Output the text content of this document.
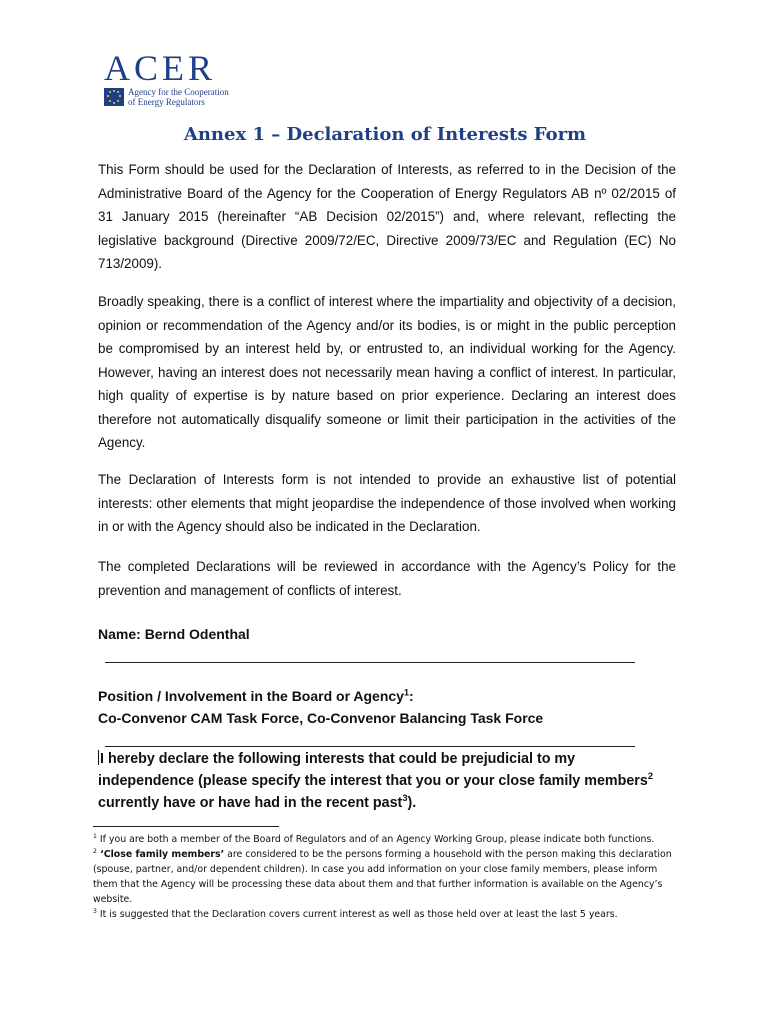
ACER
Agency for the Cooperation
of Energy Regulators
Annex 1 – Declaration of Interests Form

This Form should be used for the Declaration of Interests, as referred to in the Decision of the Administrative Board of the Agency for the Cooperation of Energy Regulators AB nº 02/2015 of 31 January 2015 (hereinafter “AB Decision 02/2015”) and, where relevant, reflecting the legislative background (Directive 2009/72/EC, Directive 2009/73/EC and Regulation (EC) No 713/2009).

Broadly speaking, there is a conflict of interest where the impartiality and objectivity of a decision, opinion or recommendation of the Agency and/or its bodies, is or might in the public perception be compromised by an interest held by, or entrusted to, an individual working for the Agency. However, having an interest does not necessarily mean having a conflict of interest. In particular, high quality of expertise is by nature based on prior experience. Declaring an interest does therefore not automatically disqualify someone or limit their participation in the activities of the Agency.

The Declaration of Interests form is not intended to provide an exhaustive list of potential interests: other elements that might jeopardise the independence of those involved when working in or with the Agency should also be indicated in the Declaration.

The completed Declarations will be reviewed in accordance with the Agency’s Policy for the prevention and management of conflicts of interest.

Name: Bernd Odenthal

Position / Involvement in the Board or Agency$^1$:

Co-Convenor CAM Task Force, Co-Convenor Balancing Task Force

I hereby declare the following interests that could be prejudicial to my independence (please specify the interest that you or your close family members$^2$ currently have or have had in the recent past$^3$).

$^1$ If you are both a member of the Board of Regulators and of an Agency Working Group, please indicate both functions.

$^2$ ‘Close family members’ are considered to be the persons forming a household with the person making this declaration (spouse, partner, and/or dependent children). In case you add information on your close family members, please inform them that the Agency will be processing these data about them and that further information is available on the Agency’s website.

$^3$ It is suggested that the Declaration covers current interest as well as those held over at least the last 5 years.
